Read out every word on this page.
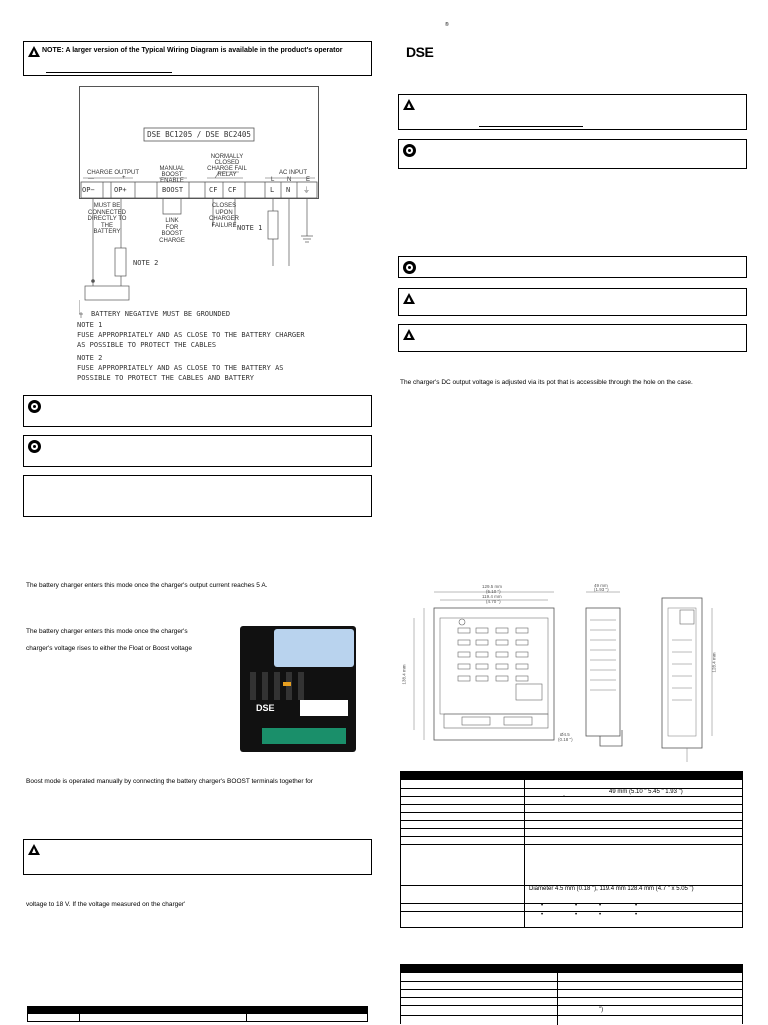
NOTE: A larger version of the Typical Wiring Diagram is available in the product's operator
DSE BC1205 / DSE BC2405
CHARGE OUTPUT
—	+
MANUAL BOOST ENABLE
NORMALLY CLOSED CHARGE FAIL RELAY	AC INPUT
L N E
OP−	OP+	BOOST	CF CF	L N ⏚
MUST BE CONNECTED DIRECTLY TO THE BATTERY
LINK FOR BOOST CHARGE
CLOSES UPON CHARGER FAILURE NOTE 1
NOTE 2
BATTERY NEGATIVE MUST BE GROUNDED
NOTE 1
FUSE APPROPRIATELY AND AS CLOSE TO THE BATTERY CHARGER
AS POSSIBLE TO PROTECT THE CABLES
NOTE 2
FUSE APPROPRIATELY AND AS CLOSE TO THE BATTERY AS
POSSIBLE TO PROTECT THE CABLES AND BATTERY
The battery charger enters this mode once the charger's output current reaches 5 A.
The battery charger enters this mode once the charger's
charger's voltage rises to either the Float or Boost voltage
DSE
Boost mode is operated manually by connecting the battery charger's BOOST terminals together for
voltage to 18 V. If the voltage measured on the charger'

DSE
®
The charger's DC output voltage is adjusted via its pot that is accessible through the hole on the case.
129.5 mm
(5.10 ")
119.4 mm
(4.70 ")
49 mm
(1.93 ")
138.4 mm
128.4 mm
Ø4.5
(0.18 ")
49 mm (5.10 " 5.45 " 1.93 ")
"
Diameter 4.5 mm (0.18 "), 119.4 mm 128.4 mm (4.7 " x 5.05 ")
•	•	•	•
•	•	•	•
")
